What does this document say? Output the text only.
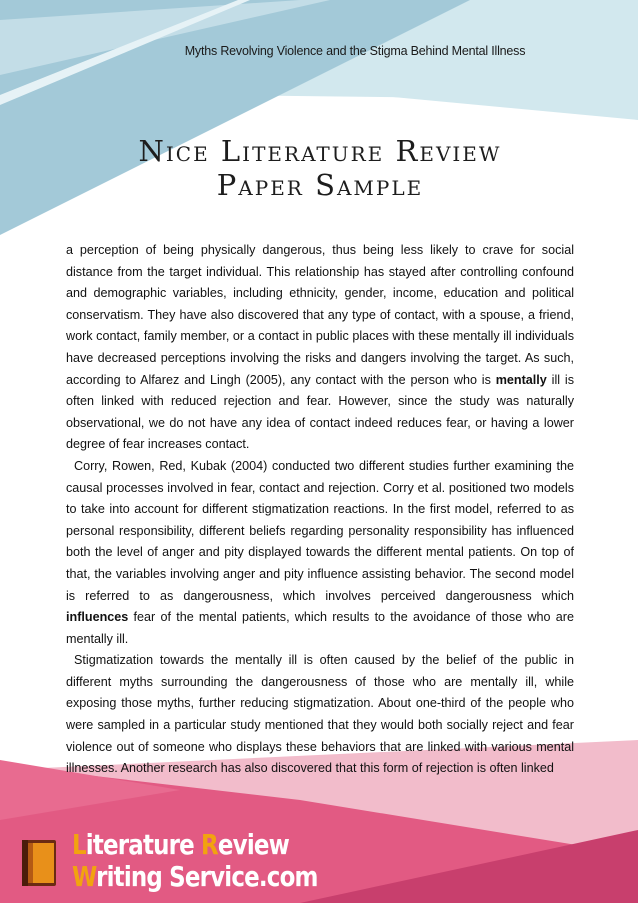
Myths Revolving Violence and the Stigma Behind Mental Illness
Nice Literature Review
Paper Sample

a perception of being physically dangerous, thus being less likely to crave for social distance from the target individual. This relationship has stayed after controlling confound and demographic variables, including ethnicity, gender, income, education and political conservatism. They have also discovered that any type of contact, with a spouse, a friend, work contact, family member, or a contact in public places with these mentally ill individuals have decreased perceptions involving the risks and dangers involving the target. As such, according to Alfarez and Lingh (2005), any contact with the person who is mentally ill is often linked with reduced rejection and fear. However, since the study was naturally observational, we do not have any idea of contact indeed reduces fear, or having a lower degree of fear increases contact.

Corry, Rowen, Red, Kubak (2004) conducted two different studies further examining the causal processes involved in fear, contact and rejection. Corry et al. positioned two models to take into account for different stigmatization reactions. In the first model, referred to as personal responsibility, different beliefs regarding personality responsibility has influenced both the level of anger and pity displayed towards the different mental patients. On top of that, the variables involving anger and pity influence assisting behavior. The second model is referred to as dangerousness, which involves perceived dangerousness which influences fear of the mental patients, which results to the avoidance of those who are mentally ill.

Stigmatization towards the mentally ill is often caused by the belief of the public in different myths surrounding the dangerousness of those who are mentally ill, while exposing those myths, further reducing stigmatization. About one-third of the people who were sampled in a particular study mentioned that they would both socially reject and fear violence out of someone who displays these behaviors that are linked with various mental illnesses. Another research has also discovered that this form of rejection is often linked

Literature Review
Writing Service.com
